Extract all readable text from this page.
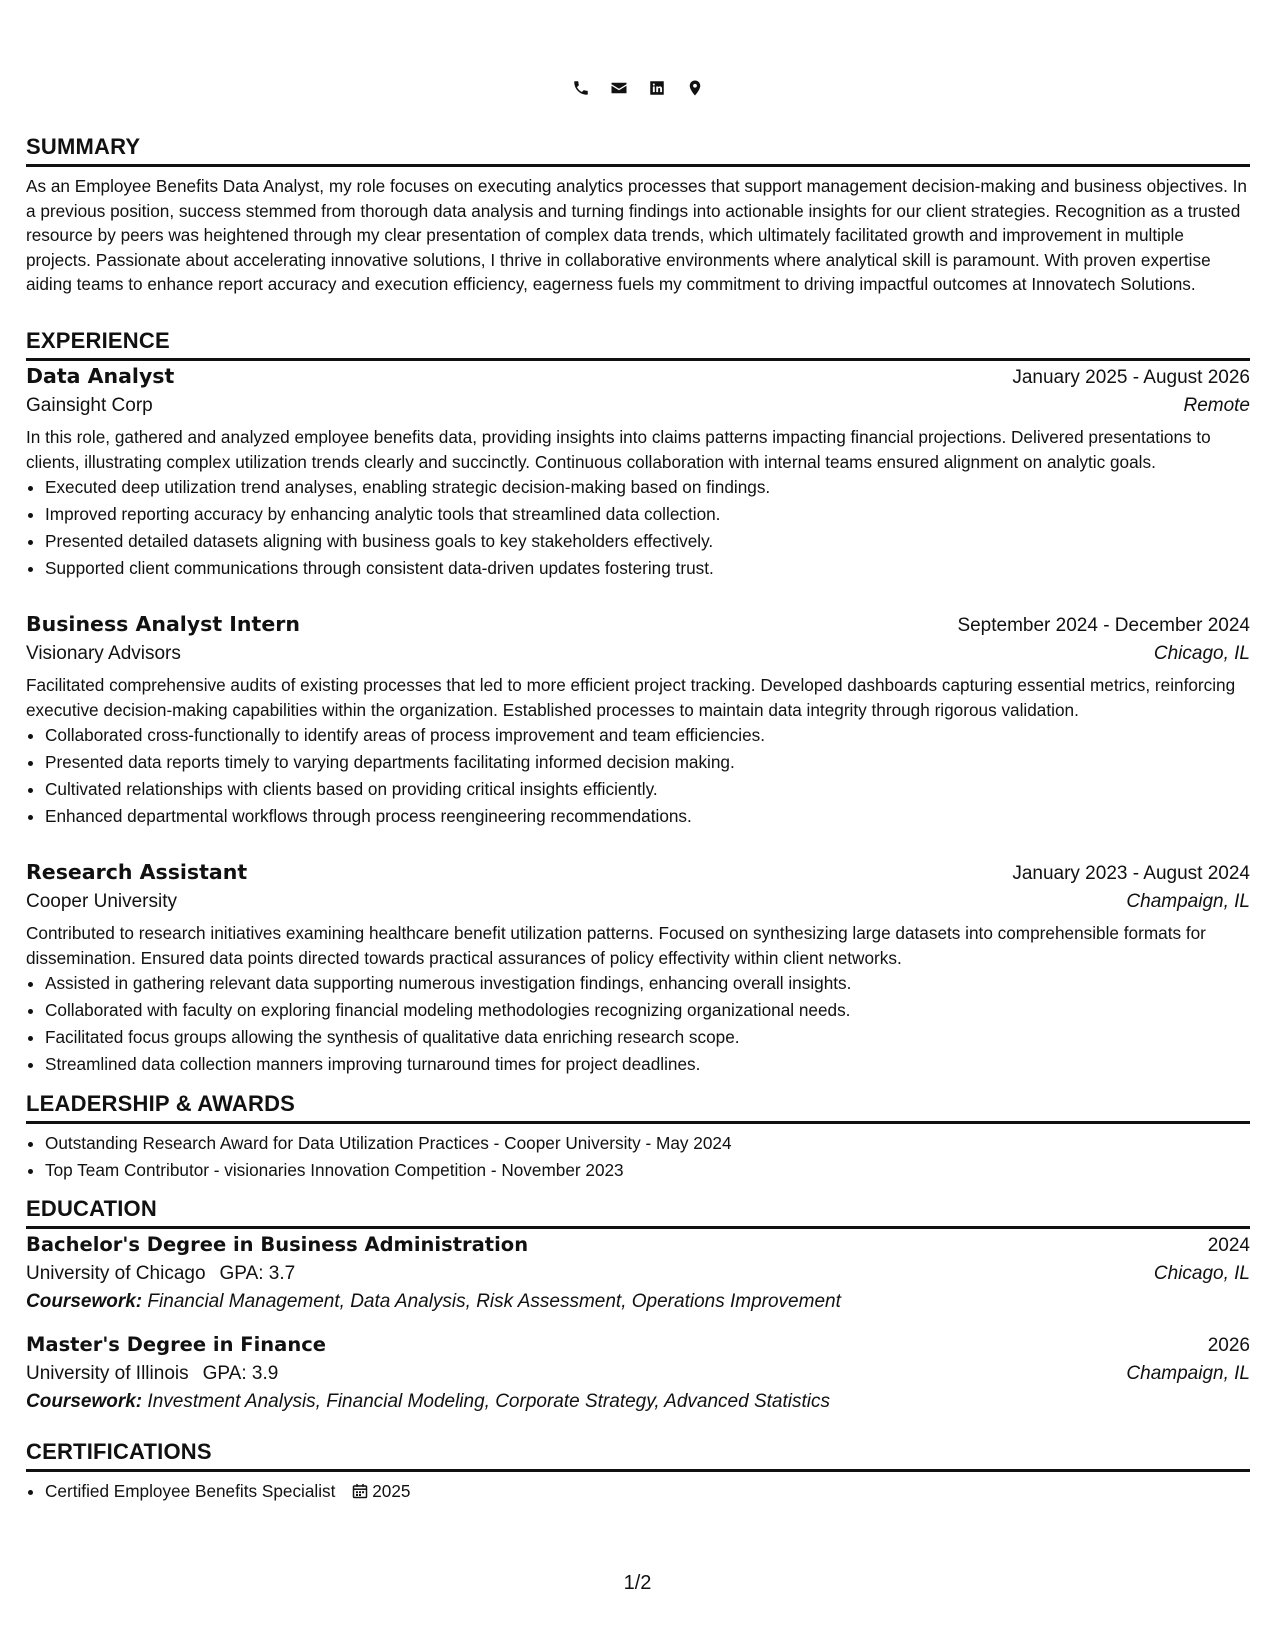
SUMMARY

As an Employee Benefits Data Analyst, my role focuses on executing analytics processes that support management decision-making and business objectives. In a previous position, success stemmed from thorough data analysis and turning findings into actionable insights for our client strategies. Recognition as a trusted resource by peers was heightened through my clear presentation of complex data trends, which ultimately facilitated growth and improvement in multiple projects. Passionate about accelerating innovative solutions, I thrive in collaborative environments where analytical skill is paramount. With proven expertise aiding teams to enhance report accuracy and execution efficiency, eagerness fuels my commitment to driving impactful outcomes at Innovatech Solutions.

EXPERIENCE
Data Analyst	January 2025 - August 2026
Gainsight Corp	Remote

In this role, gathered and analyzed employee benefits data, providing insights into claims patterns impacting financial projections. Delivered presentations to clients, illustrating complex utilization trends clearly and succinctly. Continuous collaboration with internal teams ensured alignment on analytic goals.

• Executed deep utilization trend analyses, enabling strategic decision-making based on findings.
• Improved reporting accuracy by enhancing analytic tools that streamlined data collection.
• Presented detailed datasets aligning with business goals to key stakeholders effectively.
• Supported client communications through consistent data-driven updates fostering trust.
Business Analyst Intern	September 2024 - December 2024
Visionary Advisors	Chicago, IL

Facilitated comprehensive audits of existing processes that led to more efficient project tracking. Developed dashboards capturing essential metrics, reinforcing executive decision-making capabilities within the organization. Established processes to maintain data integrity through rigorous validation.

• Collaborated cross-functionally to identify areas of process improvement and team efficiencies.
• Presented data reports timely to varying departments facilitating informed decision making.
• Cultivated relationships with clients based on providing critical insights efficiently.
• Enhanced departmental workflows through process reengineering recommendations.
Research Assistant	January 2023 - August 2024
Cooper University	Champaign, IL

Contributed to research initiatives examining healthcare benefit utilization patterns. Focused on synthesizing large datasets into comprehensible formats for dissemination. Ensured data points directed towards practical assurances of policy effectivity within client networks.

• Assisted in gathering relevant data supporting numerous investigation findings, enhancing overall insights.
• Collaborated with faculty on exploring financial modeling methodologies recognizing organizational needs.
• Facilitated focus groups allowing the synthesis of qualitative data enriching research scope.
• Streamlined data collection manners improving turnaround times for project deadlines.
LEADERSHIP & AWARDS
• Outstanding Research Award for Data Utilization Practices - Cooper University - May 2024
• Top Team Contributor - visionaries Innovation Competition - November 2023
EDUCATION
Bachelor's Degree in Business Administration	2024
University of Chicago GPA: 3.7	Chicago, IL
Coursework: Financial Management, Data Analysis, Risk Assessment, Operations Improvement
Master's Degree in Finance	2026
University of Illinois GPA: 3.9	Champaign, IL
Coursework: Investment Analysis, Financial Modeling, Corporate Strategy, Advanced Statistics
CERTIFICATIONS
• Certified Employee Benefits Specialist 2025
1/2
